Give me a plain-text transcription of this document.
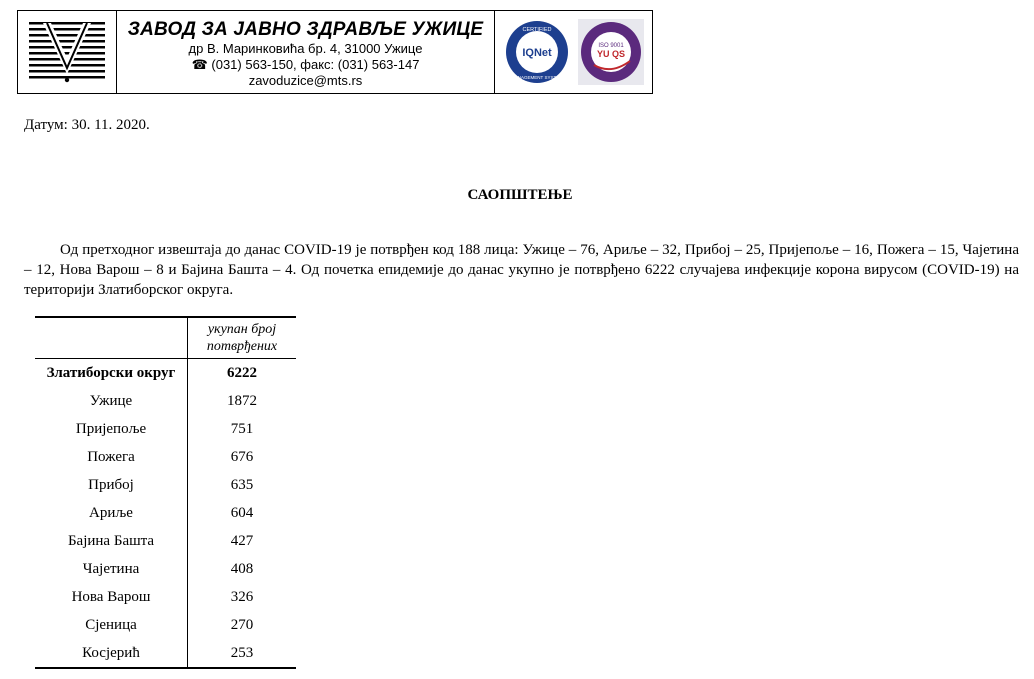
ЗАВОД ЗА ЈАВНО ЗДРАВЉЕ УЖИЦЕ
др В. Маринковића бр. 4, 31000 Ужице
☎ (031) 563-150, факс: (031) 563-147
zavoduzice@mts.rs
IQNet
CERTIFIED
MANAGEMENT SYSTEM
ISO 9001
YU QS
Датум: 30. 11. 2020.
САОПШТЕЊЕ

Од претходног извештаја до данас COVID-19 је потврђен код 188 лица: Ужице – 76, Ариље – 32, Прибој – 25, Пријепоље – 16, Пожега – 15, Чајетина – 12, Нова Варош – 8 и Бајина Башта – 4. Од почетка епидемије до данас укупно је потврђено 6222 случајева инфекције корона вирусом (COVID-19) на територији Златиборског округа.

	укупан број
потврђених
Златиборски округ	6222
Ужице	1872
Пријепоље	751
Пожега	676
Прибој	635
Ариље	604
Бајина Башта	427
Чајетина	408
Нова Варош	326
Сјеница	270
Косјерић	253
